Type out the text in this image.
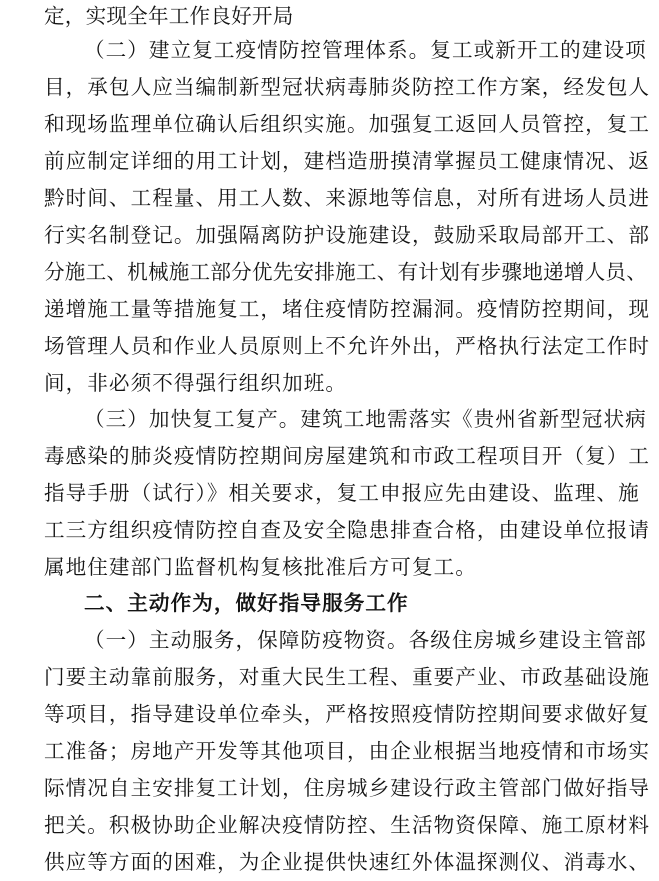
定，实现全年工作良好开局
（二）建立复工疫情防控管理体系。复工或新开工的建设项
目，承包人应当编制新型冠状病毒肺炎防控工作方案，经发包人
和现场监理单位确认后组织实施。加强复工返回人员管控，复工
前应制定详细的用工计划，建档造册摸清掌握员工健康情况、返
黔时间、工程量、用工人数、来源地等信息，对所有进场人员进
行实名制登记。加强隔离防护设施建设，鼓励采取局部开工、部
分施工、机械施工部分优先安排施工、有计划有步骤地递增人员、
递增施工量等措施复工，堵住疫情防控漏洞。疫情防控期间，现
场管理人员和作业人员原则上不允许外出，严格执行法定工作时
间，非必须不得强行组织加班。
（三）加快复工复产。建筑工地需落实《贵州省新型冠状病
毒感染的肺炎疫情防控期间房屋建筑和市政工程项目开（复）工
指导手册（试行）》相关要求，复工申报应先由建设、监理、施
工三方组织疫情防控自查及安全隐患排查合格，由建设单位报请
属地住建部门监督机构复核批准后方可复工。
二、主动作为，做好指导服务工作
（一）主动服务，保障防疫物资。各级住房城乡建设主管部
门要主动靠前服务，对重大民生工程、重要产业、市政基础设施
等项目，指导建设单位牵头，严格按照疫情防控期间要求做好复
工准备；房地产开发等其他项目，由企业根据当地疫情和市场实
际情况自主安排复工计划，住房城乡建设行政主管部门做好指导
把关。积极协助企业解决疫情防控、生活物资保障、施工原材料
供应等方面的困难，为企业提供快速红外体温探测仪、消毒水、
